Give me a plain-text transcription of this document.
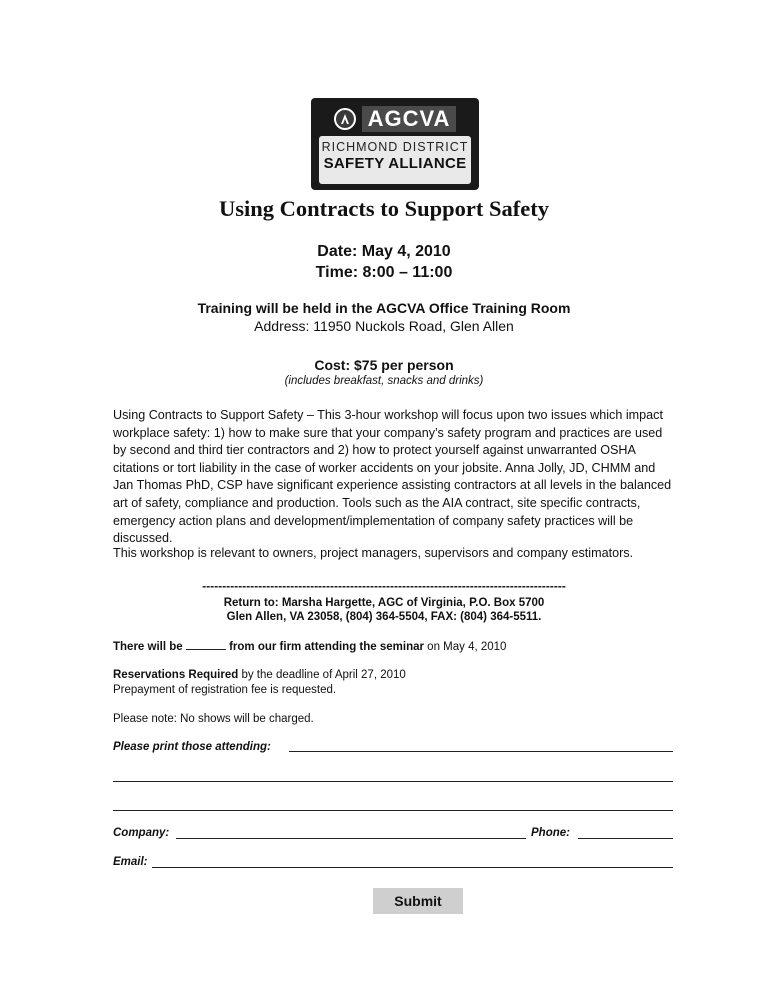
AGCVA
RICHMOND DISTRICT
SAFETY ALLIANCE
Using Contracts to Support Safety
Date: May 4, 2010
Time: 8:00 – 11:00
Training will be held in the AGCVA Office Training Room
Address: 11950 Nuckols Road, Glen Allen
Cost: $75 per person
(includes breakfast, snacks and drinks)
Using Contracts to Support Safety – This 3-hour workshop will focus upon two issues which impact workplace safety: 1) how to make sure that your company’s safety program and practices are used by second and third tier contractors and 2) how to protect yourself against unwarranted OSHA citations or tort liability in the case of worker accidents on your jobsite. Anna Jolly, JD, CHMM and Jan Thomas PhD, CSP have significant experience assisting contractors at all levels in the balanced art of safety, compliance and production. Tools such as the AIA contract, site specific contracts, emergency action plans and development/implementation of company safety practices will be discussed.
This workshop is relevant to owners, project managers, supervisors and company estimators.
-------------------------------------------------------------------------------------------
Return to: Marsha Hargette, AGC of Virginia, P.O. Box 5700
Glen Allen, VA 23058, (804) 364-5504, FAX: (804) 364-5511.
There will be	from our firm attending the seminar on May 4, 2010
Reservations Required by the deadline of April 27, 2010
Prepayment of registration fee is requested.
Please note: No shows will be charged.
Please print those attending:
Company:	Phone:
Email:
Submit
